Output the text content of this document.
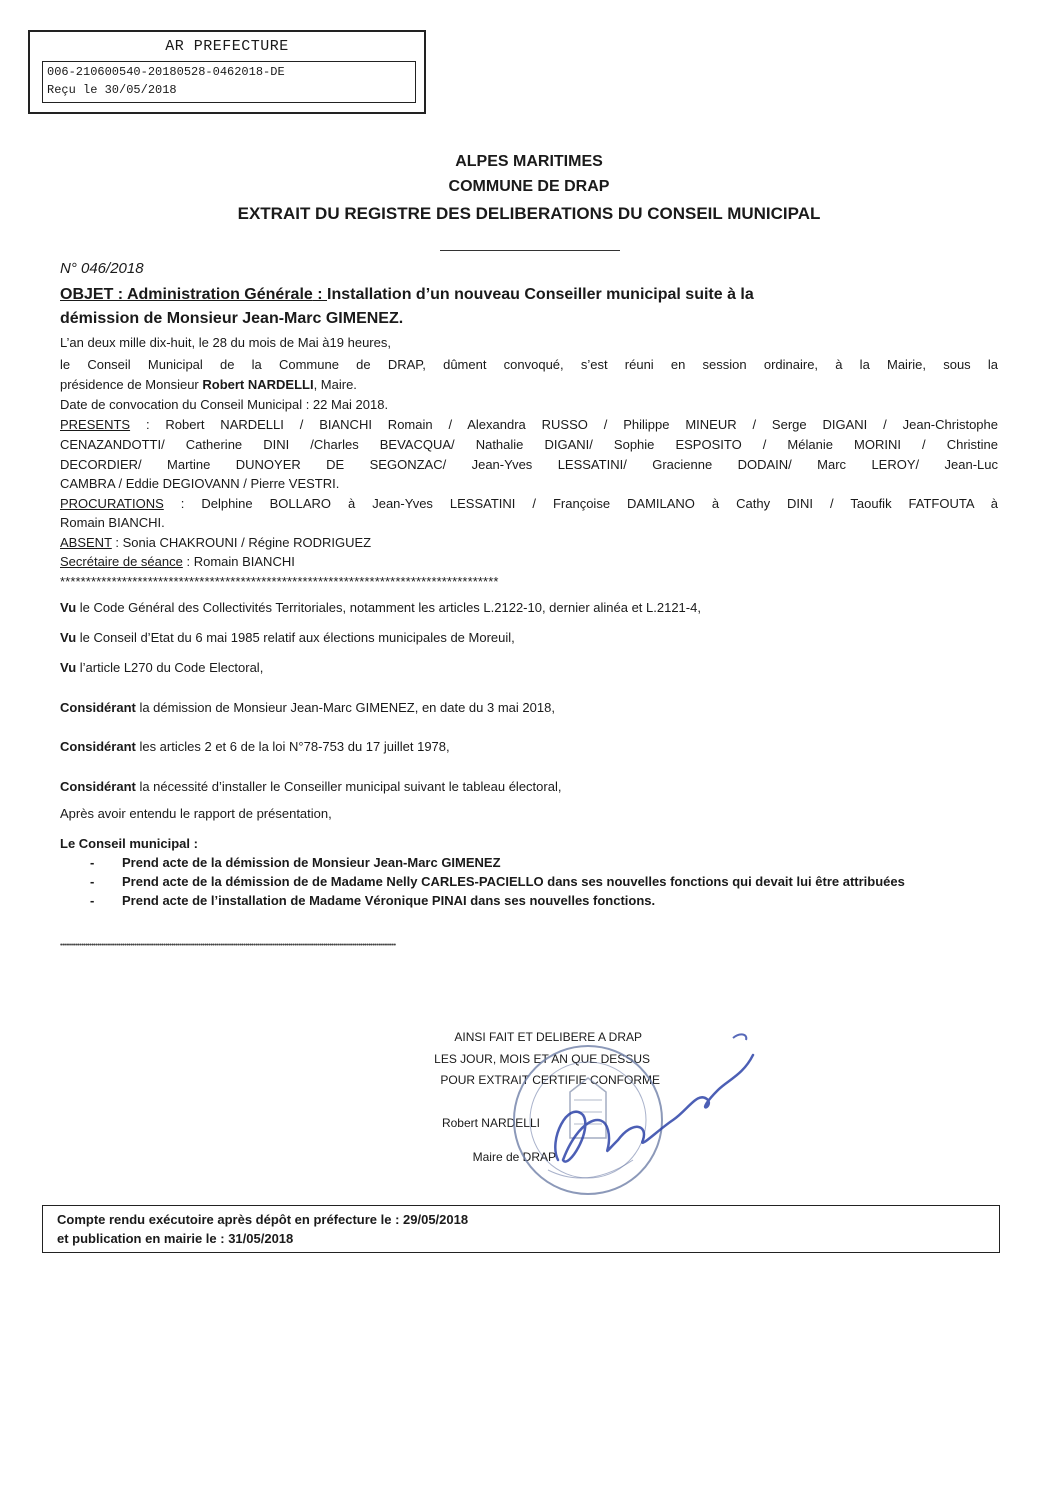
AR PREFECTURE
006-210600540-20180528-0462018-DE
Reçu le 30/05/2018
ALPES MARITIMES
COMMUNE DE DRAP
EXTRAIT DU REGISTRE DES DELIBERATIONS DU CONSEIL MUNICIPAL
N° 046/2018
OBJET : Administration Générale : Installation d’un nouveau Conseiller municipal suite à la
démission de Monsieur Jean-Marc GIMENEZ.
L’an deux mille dix-huit, le 28 du mois de Mai à19 heures,
le Conseil Municipal de la Commune de DRAP, dûment convoqué, s’est réuni en session ordinaire, à la Mairie, sous la
présidence de Monsieur Robert NARDELLI, Maire.
Date de convocation du Conseil Municipal : 22 Mai 2018.
PRESENTS : Robert NARDELLI / BIANCHI Romain / Alexandra RUSSO / Philippe MINEUR / Serge DIGANI / Jean-Christophe
CENAZANDOTTI/ Catherine DINI /Charles BEVACQUA/ Nathalie DIGANI/ Sophie ESPOSITO / Mélanie MORINI / Christine
DECORDIER/ Martine DUNOYER DE SEGONZAC/ Jean-Yves LESSATINI/ Gracienne DODAIN/ Marc LEROY/ Jean-Luc
CAMBRA / Eddie DEGIOVANN / Pierre VESTRI.
PROCURATIONS : Delphine BOLLARO à Jean-Yves LESSATINI / Françoise DAMILANO à Cathy DINI / Taoufik FATFOUTA à
Romain BIANCHI.
ABSENT : Sonia CHAKROUNI / Régine RODRIGUEZ
Secrétaire de séance : Romain BIANCHI
*************************************************************************************
Vu le Code Général des Collectivités Territoriales, notamment les articles L.2122-10, dernier alinéa et L.2121-4,
Vu le Conseil d’Etat du 6 mai 1985 relatif aux élections municipales de Moreuil,
Vu l’article L270 du Code Electoral,
Considérant la démission de Monsieur Jean-Marc GIMENEZ, en date du 3 mai 2018,
Considérant les articles 2 et 6 de la loi N°78-753 du 17 juillet 1978,
Considérant la nécessité d’installer le Conseiller municipal suivant le tableau électoral,
Après avoir entendu le rapport de présentation,
Le Conseil municipal :
- Prend acte de la démission de Monsieur Jean-Marc GIMENEZ
- Prend acte de la démission de de Madame Nelly CARLES-PACIELLO dans ses nouvelles fonctions qui devait lui être attribuées
- Prend acte de l’installation de Madame Véronique PINAI dans ses nouvelles fonctions.
••••••••••••••••••••••••••••••••••••••••••••••••••••••••••••••••••••••••••••••••••••••••••••••••••••••••••••••••••••••••••••••••••••••••••••••••••••••••••••••••••••••••••••
AINSI FAIT ET DELIBERE A DRAP
LES JOUR, MOIS ET AN QUE DESSUS
POUR EXTRAIT CERTIFIE CONFORME
Robert NARDELLI
Maire de DRAP
Compte rendu exécutoire après dépôt en préfecture le : 29/05/2018
et publication en mairie le : 31/05/2018
